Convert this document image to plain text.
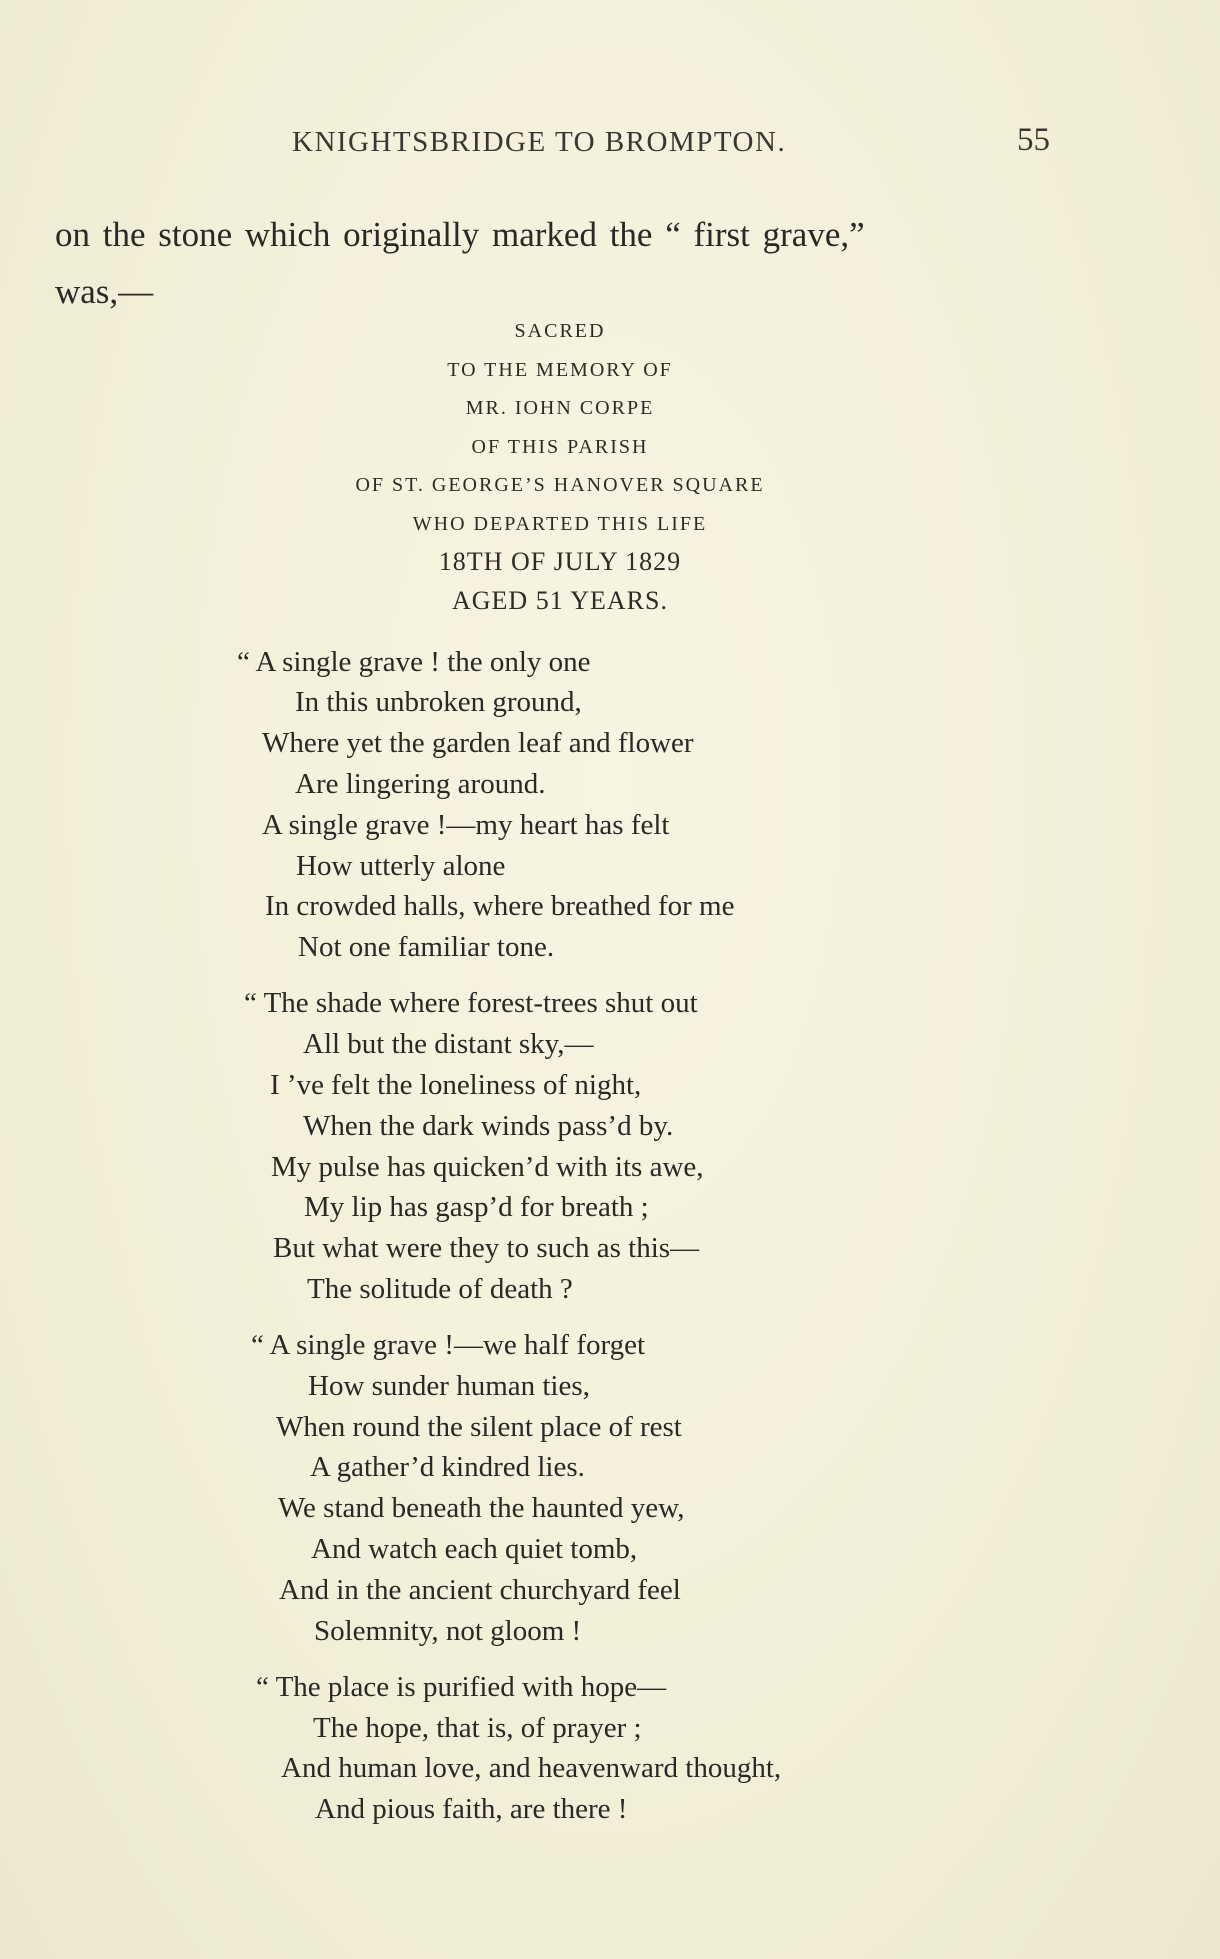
KNIGHTSBRIDGE TO BROMPTON.	55
on the stone which originally marked the “ first grave,”
was,—
SACRED
TO THE MEMORY OF
MR. IOHN CORPE
OF THIS PARISH
OF ST. GEORGE’S HANOVER SQUARE
WHO DEPARTED THIS LIFE
18TH OF JULY 1829
AGED 51 YEARS.
“ A single grave ! the only one
In this unbroken ground,
Where yet the garden leaf and flower
Are lingering around.
A single grave !—my heart has felt
How utterly alone
In crowded halls, where breathed for me
Not one familiar tone.
“ The shade where forest-trees shut out
All but the distant sky,—
I ’ve felt the loneliness of night,
When the dark winds pass’d by.
My pulse has quicken’d with its awe,
My lip has gasp’d for breath ;
But what were they to such as this—
The solitude of death ?
“ A single grave !—we half forget
How sunder human ties,
When round the silent place of rest
A gather’d kindred lies.
We stand beneath the haunted yew,
And watch each quiet tomb,
And in the ancient churchyard feel
Solemnity, not gloom !
“ The place is purified with hope—
The hope, that is, of prayer ;
And human love, and heavenward thought,
And pious faith, are there !
